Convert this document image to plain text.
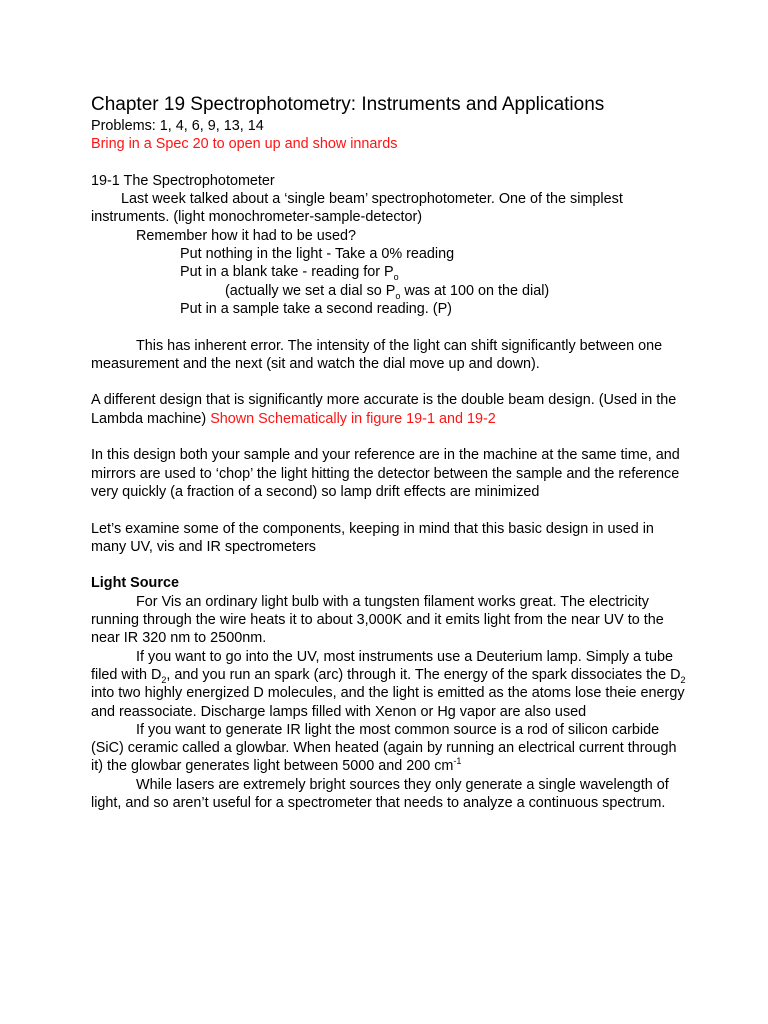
Chapter 19 Spectrophotometry: Instruments and Applications

Problems: 1, 4, 6, 9, 13, 14

Bring in a Spec 20 to open up and show innards

19-1 The Spectrophotometer

Last week talked about a ‘single beam’ spectrophotometer. One of the simplest instruments. (light monochrometer-sample-detector)

Remember how it had to be used?

Put nothing in the light - Take a 0% reading

Put in a blank take - reading for $P_o$

(actually we set a dial so $P_o$ was at 100 on the dial)

Put in a sample take a second reading. (P)

This has inherent error. The intensity of the light can shift significantly between one measurement and the next (sit and watch the dial move up and down).

A different design that is significantly more accurate is the double beam design. (Used in the Lambda machine) Shown Schematically in figure 19-1 and 19-2

In this design both your sample and your reference are in the machine at the same time, and mirrors are used to ‘chop’ the light hitting the detector between the sample and the reference very quickly (a fraction of a second) so lamp drift effects are minimized

Let’s examine some of the components, keeping in mind that this basic design in used in many UV, vis and IR spectrometers

Light Source

For Vis an ordinary light bulb with a tungsten filament works great. The electricity running through the wire heats it to about 3,000K and it emits light from the near UV to the near IR 320 nm to 2500nm.

If you want to go into the UV, most instruments use a Deuterium lamp. Simply a tube filed with $D_2$, and you run an spark (arc) through it. The energy of the spark dissociates the $D_2$ into two highly energized D molecules, and the light is emitted as the atoms lose theie energy and reassociate. Discharge lamps filled with Xenon or Hg vapor are also used

If you want to generate IR light the most common source is a rod of silicon carbide (SiC) ceramic called a glowbar. When heated (again by running an electrical current through it) the glowbar generates light between 5000 and 200 $cm^{-1}$

While lasers are extremely bright sources they only generate a single wavelength of light, and so aren’t useful for a spectrometer that needs to analyze a continuous spectrum.
